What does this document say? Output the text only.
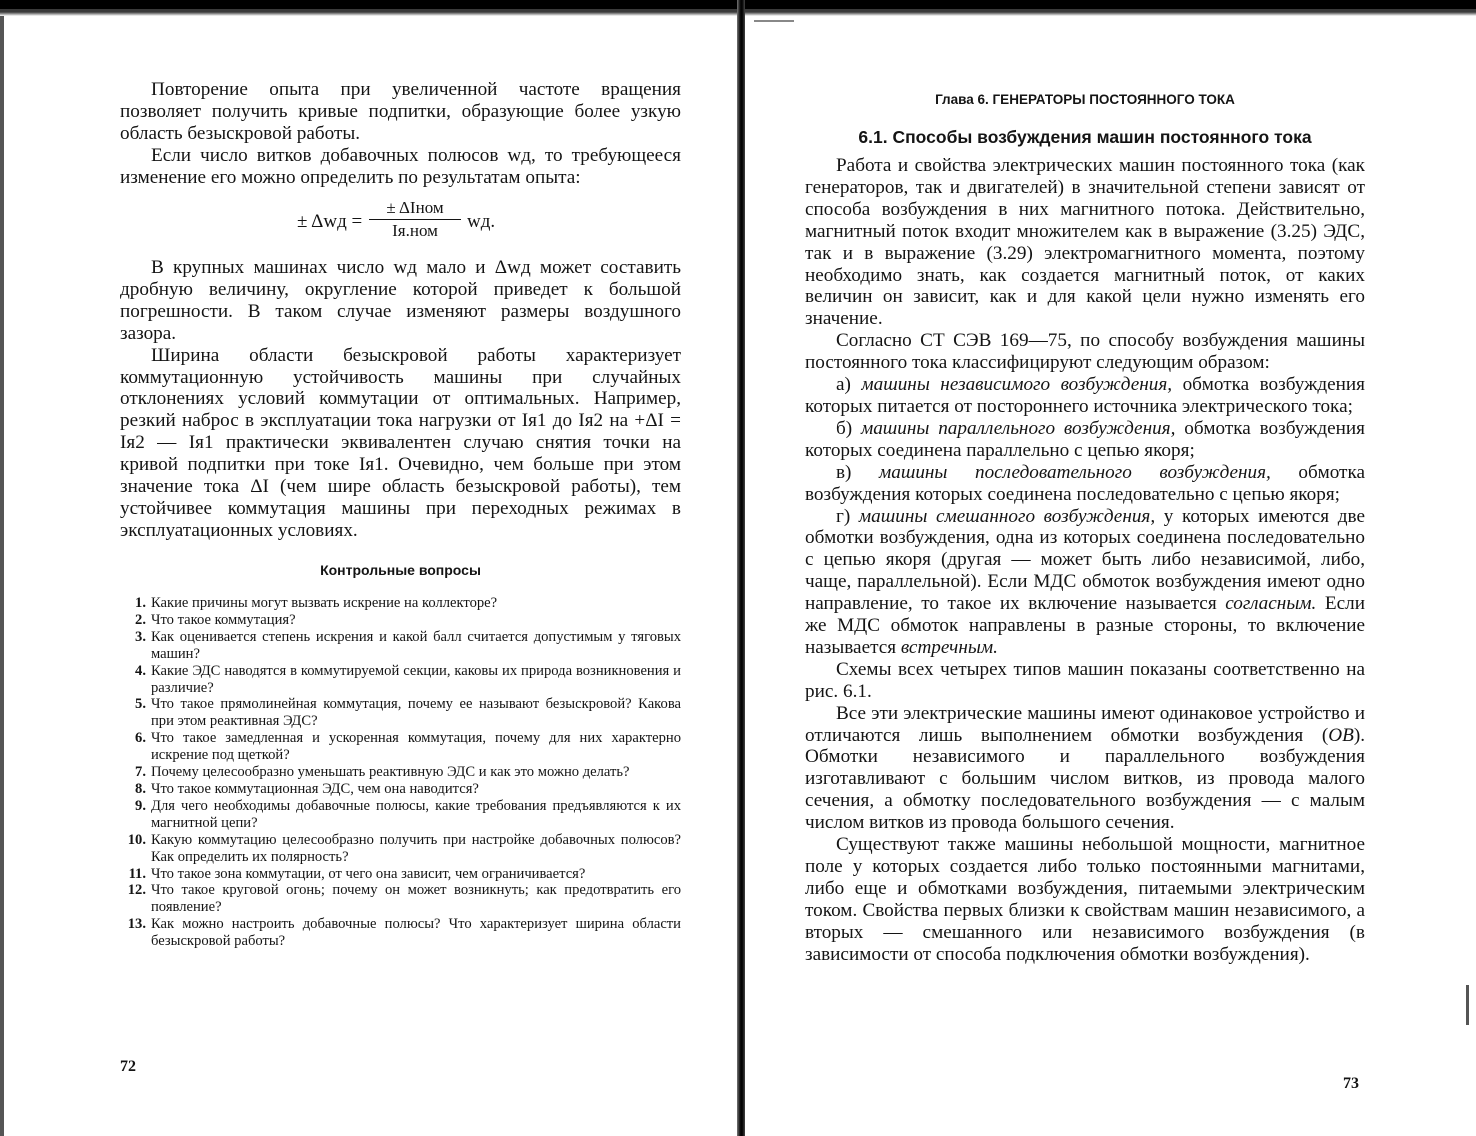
Повторение опыта при увеличенной частоте вращения позволяет получить кривые подпитки, образующие более узкую область безыскровой работы.

Если число витков добавочных полюсов wд, то требующееся изменение его можно определить по результатам опыта:

± Δwд =
± ΔIном
Iя.ном	wд.

В крупных машинах число wд мало и Δwд может составить дробную величину, округление которой приведет к большой погрешности. В таком случае изменяют размеры воздушного зазора.

Ширина области безыскровой работы характеризует коммутационную устойчивость машины при случайных отклонениях условий коммутации от оптимальных. Например, резкий наброс в эксплуатации тока нагрузки от Iя1 до Iя2 на +ΔI = Iя2 — Iя1 практически эквивалентен случаю снятия точки на кривой подпитки при токе Iя1. Очевидно, чем больше при этом значение тока ΔI (чем шире область безыскровой работы), тем устойчивее коммутация машины при переходных режимах в эксплуатационных условиях.

Контрольные вопросы
1. Какие причины могут вызвать искрение на коллекторе?
2. Что такое коммутация?
3. Как оценивается степень искрения и какой балл считается допустимым у тяговых машин?
4. Какие ЭДС наводятся в коммутируемой секции, каковы их природа возникновения и различие?
5. Что такое прямолинейная коммутация, почему ее называют безыскровой? Какова при этом реактивная ЭДС?
6. Что такое замедленная и ускоренная коммутация, почему для них характерно искрение под щеткой?
7. Почему целесообразно уменьшать реактивную ЭДС и как это можно делать?
8. Что такое коммутационная ЭДС, чем она наводится?
9. Для чего необходимы добавочные полюсы, какие требования предъявляются к их магнитной цепи?
10. Какую коммутацию целесообразно получить при настройке добавочных полюсов? Как определить их полярность?
11. Что такое зона коммутации, от чего она зависит, чем ограничивается?
12. Что такое круговой огонь; почему он может возникнуть; как предотвратить его появление?
13. Как можно настроить добавочные полюсы? Что характеризует ширина области безыскровой работы?
72
Глава 6. ГЕНЕРАТОРЫ ПОСТОЯННОГО ТОКА
6.1. Способы возбуждения машин постоянного тока

Работа и свойства электрических машин постоянного тока (как генераторов, так и двигателей) в значительной степени зависят от способа возбуждения в них магнитного потока. Действительно, магнитный поток входит множителем как в выражение (3.25) ЭДС, так и в выражение (3.29) электромагнитного момента, поэтому необходимо знать, как создается магнитный поток, от каких величин он зависит, как и для какой цели нужно изменять его значение.

Согласно СТ СЭВ 169—75, по способу возбуждения машины постоянного тока классифицируют следующим образом:

а) машины независимого возбуждения, обмотка возбуждения которых питается от постороннего источника электрического тока;

б) машины параллельного возбуждения, обмотка возбуждения которых соединена параллельно с цепью якоря;

в) машины последовательного возбуждения, обмотка возбуждения которых соединена последовательно с цепью якоря;

г) машины смешанного возбуждения, у которых имеются две обмотки возбуждения, одна из которых соединена последовательно с цепью якоря (другая — может быть либо независимой, либо, чаще, параллельной). Если МДС обмоток возбуждения имеют одно направление, то такое их включение называется согласным. Если же МДС обмоток направлены в разные стороны, то включение называется встречным.

Схемы всех четырех типов машин показаны соответственно на рис. 6.1.

Все эти электрические машины имеют одинаковое устройство и отличаются лишь выполнением обмотки возбуждения (ОВ). Обмотки независимого и параллельного возбуждения изготавливают с большим числом витков, из провода малого сечения, а обмотку последовательного возбуждения — с малым числом витков из провода большого сечения.

Существуют также машины небольшой мощности, магнитное поле у которых создается либо только постоянными магнитами, либо еще и обмотками возбуждения, питаемыми электрическим током. Свойства первых близки к свойствам машин независимого, а вторых — смешанного или независимого возбуждения (в зависимости от способа подключения обмотки возбуждения).

73
